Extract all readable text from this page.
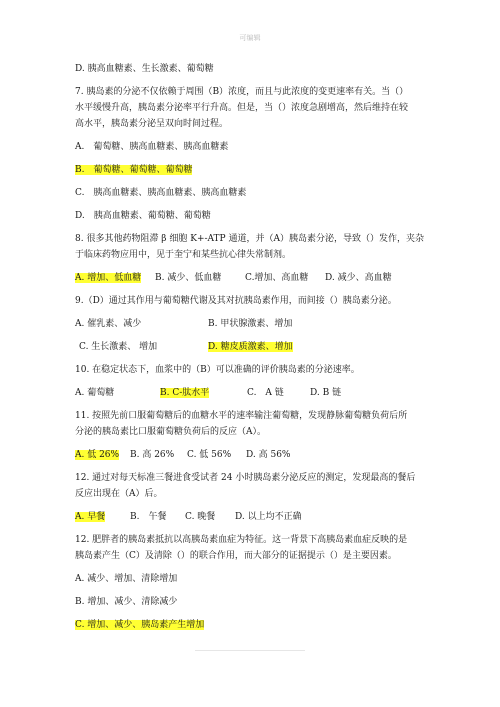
可编辑
D. 胰高血糖素、生长激素、葡萄糖
7. 胰岛素的分泌不仅依赖于周围（B）浓度，而且与此浓度的变更速率有关。当（）
水平缓慢升高，胰岛素分泌率平行升高。但是，当（）浓度急剧增高，然后维持在较
高水平，胰岛素分泌呈双向时间过程。
A.　葡萄糖、胰高血糖素、胰高血糖素
B.　葡萄糖、葡萄糖、葡萄糖
C.　胰高血糖素、胰高血糖素、胰高血糖素
D.　胰高血糖素、葡萄糖、葡萄糖
8. 很多其他药物阻滞 β 细胞 K+-ATP 通道，并（A）胰岛素分泌，导致（）发作，夹杂
于临床药物应用中，见于奎宁和某些抗心律失常制剂。
A. 增加、低血糖	B. 减少、低血糖	C.增加、高血糖	D. 减少、高血糖
9.（D）通过其作用与葡萄糖代谢及其对抗胰岛素作用，而间接（）胰岛素分泌。
A. 催乳素、减少	B. 甲状腺激素、增加
C. 生长激素、 增加	D. 糖皮质激素、增加
10. 在稳定状态下，血浆中的（B）可以准确的评价胰岛素的分泌速率。
A. 葡萄糖	B. C-肽水平	C.　A 链	D. B 链
11. 按照先前口服葡萄糖后的血糖水平的速率输注葡萄糖，发现静脉葡萄糖负荷后所
分泌的胰岛素比口服葡萄糖负荷后的反应（A）。
A. 低 26%	B. 高 26%	C. 低 56%	D. 高 56%
12. 通过对每天标准三餐进食受试者 24 小时胰岛素分泌反应的测定，发现最高的餐后
反应出现在（A）后。
A. 早餐	B.　午餐	C. 晚餐	D. 以上均不正确
12. 肥胖者的胰岛素抵抗以高胰岛素血症为特征。这一背景下高胰岛素血症反映的是
胰岛素产生（C）及清除（）的联合作用，而大部分的证据提示（）是主要因素。
A. 减少、增加、清除增加
B. 增加、减少、清除减少
C. 增加、减少、胰岛素产生增加
